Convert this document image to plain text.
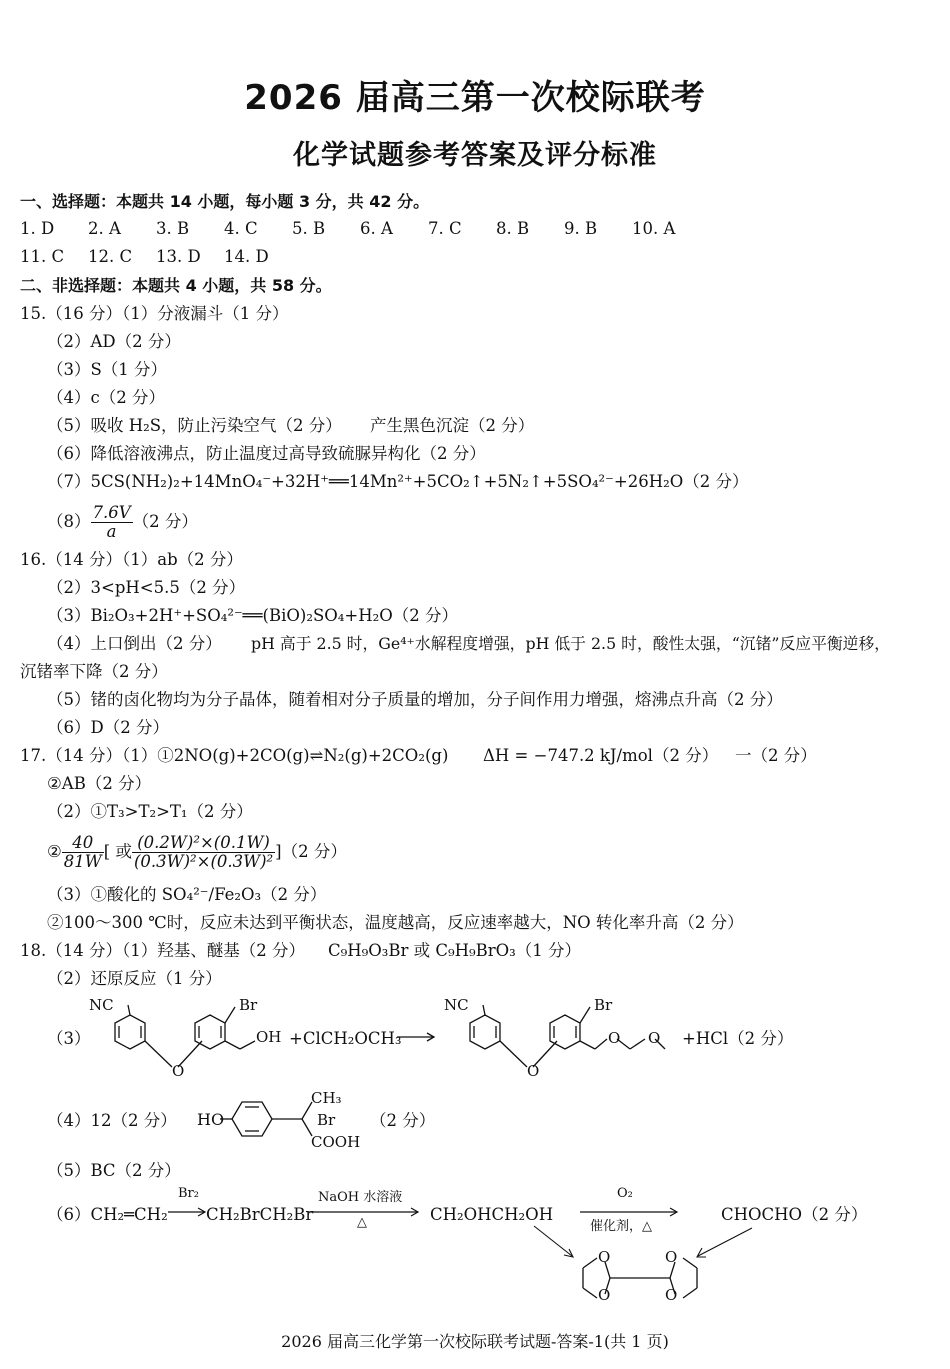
2026 届高三第一次校际联考
化学试题参考答案及评分标准
一、选择题：本题共 14 小题，每小题 3 分，共 42 分。
1. D 2. A 3. B 4. C 5. B 6. A 7. C 8. B 9. B 10. A
11. C 12. C 13. D 14. D
二、非选择题：本题共 4 小题，共 58 分。
15.（16 分）（1）分液漏斗（1 分）
（2）AD（2 分）
（3）S（1 分）
（4）c（2 分）
（5）吸收 H₂S，防止污染空气（2 分） 产生黑色沉淀（2 分）
（6）降低溶液沸点，防止温度过高导致硫脲异构化（2 分）
（7）5CS(NH₂)₂+14MnO₄⁻+32H⁺══14Mn²⁺+5CO₂↑+5N₂↑+5SO₄²⁻+26H₂O（2 分）
$(8) \frac{7.6V}{a} (2$ 分）
16.（14 分）（1）ab（2 分）
（2）3<pH<5.5（2 分）
（3）Bi₂O₃+2H⁺+SO₄²⁻══(BiO)₂SO₄+H₂O（2 分）
（4）上口倒出（2 分） pH 高于 2.5 时，Ge⁴⁺水解程度增强，pH 低于 2.5 时，酸性太强，“沉锗”反应平衡逆移，
沉锗率下降（2 分）
（5）锗的卤化物均为分子晶体，随着相对分子质量的增加，分子间作用力增强，熔沸点升高（2 分）
（6）D（2 分）
17.（14 分）（1）①2NO(g)+2CO(g)⇌N₂(g)+2CO₂(g) ΔH = −747.2 kJ/mol（2 分） 一（2 分）
②AB（2 分）
（2）①T₃>T₂>T₁（2 分）
② $\frac{40}{81W}$ [ 或 $\frac{\text{(0.2W)²×(0.1W)}}{\text{(0.3W)²×(0.3W)²}} ](2$ 分）
（3）①酸化的 SO₄²⁻/Fe₂O₃（2 分）
②100～300 ℃时，反应未达到平衡状态，温度越高，反应速率越大，NO 转化率升高（2 分）
18.（14 分）（1）羟基、醚基（2 分） C₉H₉O₃Br 或 C₉H₉BrO₃（1 分）
（2）还原反应（1 分）
（3）
NC
O
Br
OH +ClCH₂OCH₃
NC
O
Br
O O +HCl（2 分）
（4）12（2 分） HO
CH₃
Br
COOH
（2 分）
（5）BC（2 分）
（6）CH₂═CH₂
Br₂
CH₂BrCH₂Br
NaOH 水溶液
△	CH₂OHCH₂OH
O₂
催化剂，△
CHOCHO（2 分）
O
O
O
O
2026 届高三化学第一次校际联考试题-答案-1(共 1 页)
